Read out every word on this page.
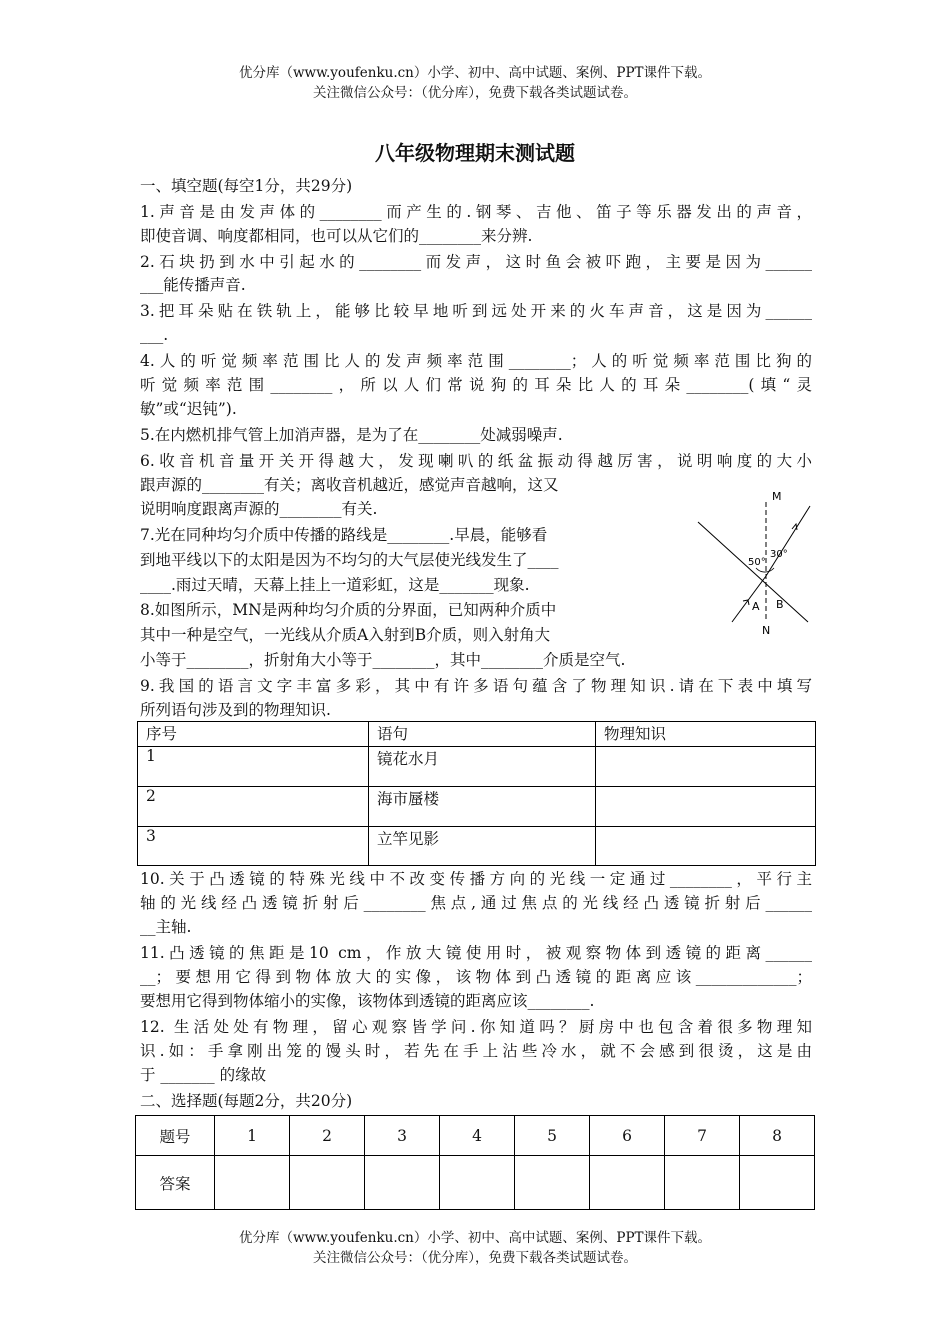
优分库（www.youfenku.cn）小学、初中、高中试题、案例、PPT课件下载。
关注微信公众号：（优分库），免费下载各类试题试卷。
八年级物理期末测试题
一、填空题(每空1分，共29分)
1.声音是由发声体的________而产生的.钢琴、吉他、笛子等乐器发出的声音，
即使音调、响度都相同，也可以从它们的________来分辨.
2.石块扔到水中引起水的________而发声，这时鱼会被吓跑，主要是因为______
___能传播声音.
3.把耳朵贴在铁轨上，能够比较早地听到远处开来的火车声音，这是因为______
___.
4.人的听觉频率范围比人的发声频率范围________；人的听觉频率范围比狗的
听觉频率范围________，所以人们常说狗的耳朵比人的耳朵________(填“灵
敏”或“迟钝”).
5.在内燃机排气管上加消声器，是为了在________处减弱噪声.
6.收音机音量开关开得越大，发现喇叭的纸盆振动得越厉害，说明响度的大小
跟声源的________有关；离收音机越近，感觉声音越响，这又
说明响度跟离声源的________有关.
7.光在同种均匀介质中传播的路线是________.早晨，能够看
到地平线以下的太阳是因为不均匀的大气层使光线发生了____
____.雨过天晴，天幕上挂上一道彩虹，这是_______现象.
8.如图所示，MN是两种均匀介质的分界面，已知两种介质中
其中一种是空气，一光线从介质A入射到B介质，则入射角大
小等于________，折射角大小等于________，其中________介质是空气.
9.我国的语言文字丰富多彩，其中有许多语句蕴含了物理知识.请在下表中填写
所列语句涉及到的物理知识.
M
N
A B
50°
30°
序号	语句	物理知识
1	镜花水月	
2	海市蜃楼	
3	立竿见影	
10.关于凸透镜的特殊光线中不改变传播方向的光线一定通过________，平行主
轴的光线经凸透镜折射后________焦点,通过焦点的光线经凸透镜折射后______
__主轴.
11.凸透镜的焦距是10 cm，作放大镜使用时，被观察物体到透镜的距离______
__；要想用它得到物体放大的实像，该物体到凸透镜的距离应该_____________；
要想用它得到物体缩小的实像，该物体到透镜的距离应该________.
12. 生活处处有物理，留心观察皆学问.你知道吗？厨房中也包含着很多物理知
识.如：手拿刚出笼的馒头时，若先在手上沾些冷水，就不会感到很烫，这是由
于 _______ 的缘故
二、选择题(每题2分，共20分)
题号	1	2	3	4	5	6	7	8
答案								
优分库（www.youfenku.cn）小学、初中、高中试题、案例、PPT课件下载。
关注微信公众号：（优分库），免费下载各类试题试卷。
